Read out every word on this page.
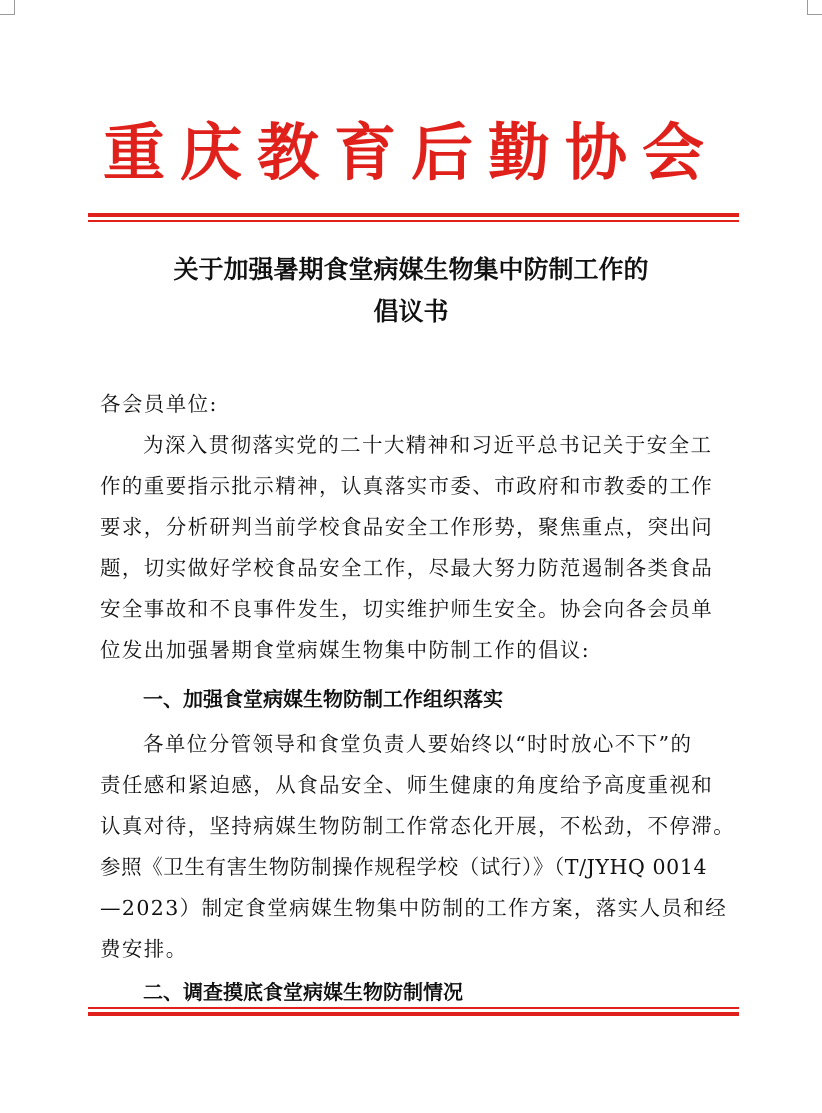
重庆教育后勤协会
关于加强暑期食堂病媒生物集中防制工作的
倡议书
各会员单位:
为深入贯彻落实党的二十大精神和习近平总书记关于安全工
作的重要指示批示精神，认真落实市委、市政府和市教委的工作
要求，分析研判当前学校食品安全工作形势，聚焦重点，突出问
题，切实做好学校食品安全工作，尽最大努力防范遏制各类食品
安全事故和不良事件发生，切实维护师生安全。协会向各会员单
位发出加强暑期食堂病媒生物集中防制工作的倡议:
一、加强食堂病媒生物防制工作组织落实
各单位分管领导和食堂负责人要始终以“时时放心不下”的
责任感和紧迫感，从食品安全、师生健康的角度给予高度重视和
认真对待，坚持病媒生物防制工作常态化开展，不松劲，不停滞。
参照《卫生有害生物防制操作规程学校（试行）》（T/JYHQ 0014
—2023）制定食堂病媒生物集中防制的工作方案，落实人员和经
费安排。
二、调查摸底食堂病媒生物防制情况
